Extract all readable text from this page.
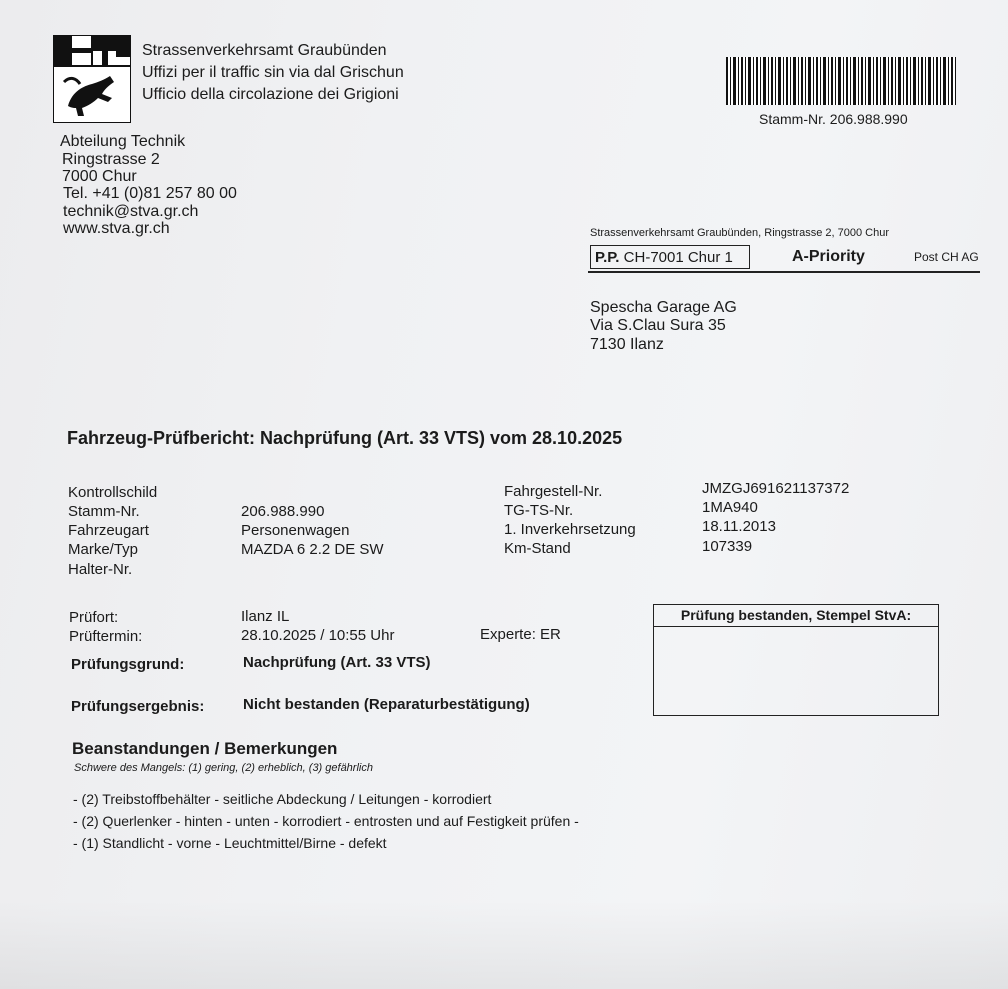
Strassenverkehrsamt Graubünden
Uffizi per il traffic sin via dal Grischun
Ufficio della circolazione dei Grigioni
Stamm-Nr. 206.988.990
Abteilung Technik
Ringstrasse 2
7000 Chur
Tel. +41 (0)81 257 80 00
technik@stva.gr.ch
www.stva.gr.ch	Strassenverkehrsamt Graubünden, Ringstrasse 2, 7000 Chur
P.P. CH-7001 Chur 1	A-Priority	Post CH AG
Spescha Garage AG
Via S.Clau Sura 35
7130 Ilanz
Fahrzeug-Prüfbericht: Nachprüfung (Art. 33 VTS) vom 28.10.2025
Kontrollschild
Stamm-Nr.	206.988.990
Fahrzeugart	Personenwagen
Marke/Typ	MAZDA 6 2.2 DE SW
Halter-Nr.
Fahrgestell-Nr.	JMZGJ691621137372
TG-TS-Nr.	1MA940
1. Inverkehrsetzung	18.11.2013
Km-Stand	107339
Prüfort:	Ilanz IL
Prüftermin:	28.10.2025 / 10:55 Uhr	Experte: ER
Prüfungsgrund:	Nachprüfung (Art. 33 VTS)
Prüfungsergebnis:	Nicht bestanden (Reparaturbestätigung)
Prüfung bestanden, Stempel StvA:
Beanstandungen / Bemerkungen
Schwere des Mangels: (1) gering, (2) erheblich, (3) gefährlich
- (2) Treibstoffbehälter - seitliche Abdeckung / Leitungen - korrodiert
- (2) Querlenker - hinten - unten - korrodiert - entrosten und auf Festigkeit prüfen -
- (1) Standlicht - vorne - Leuchtmittel/Birne - defekt
